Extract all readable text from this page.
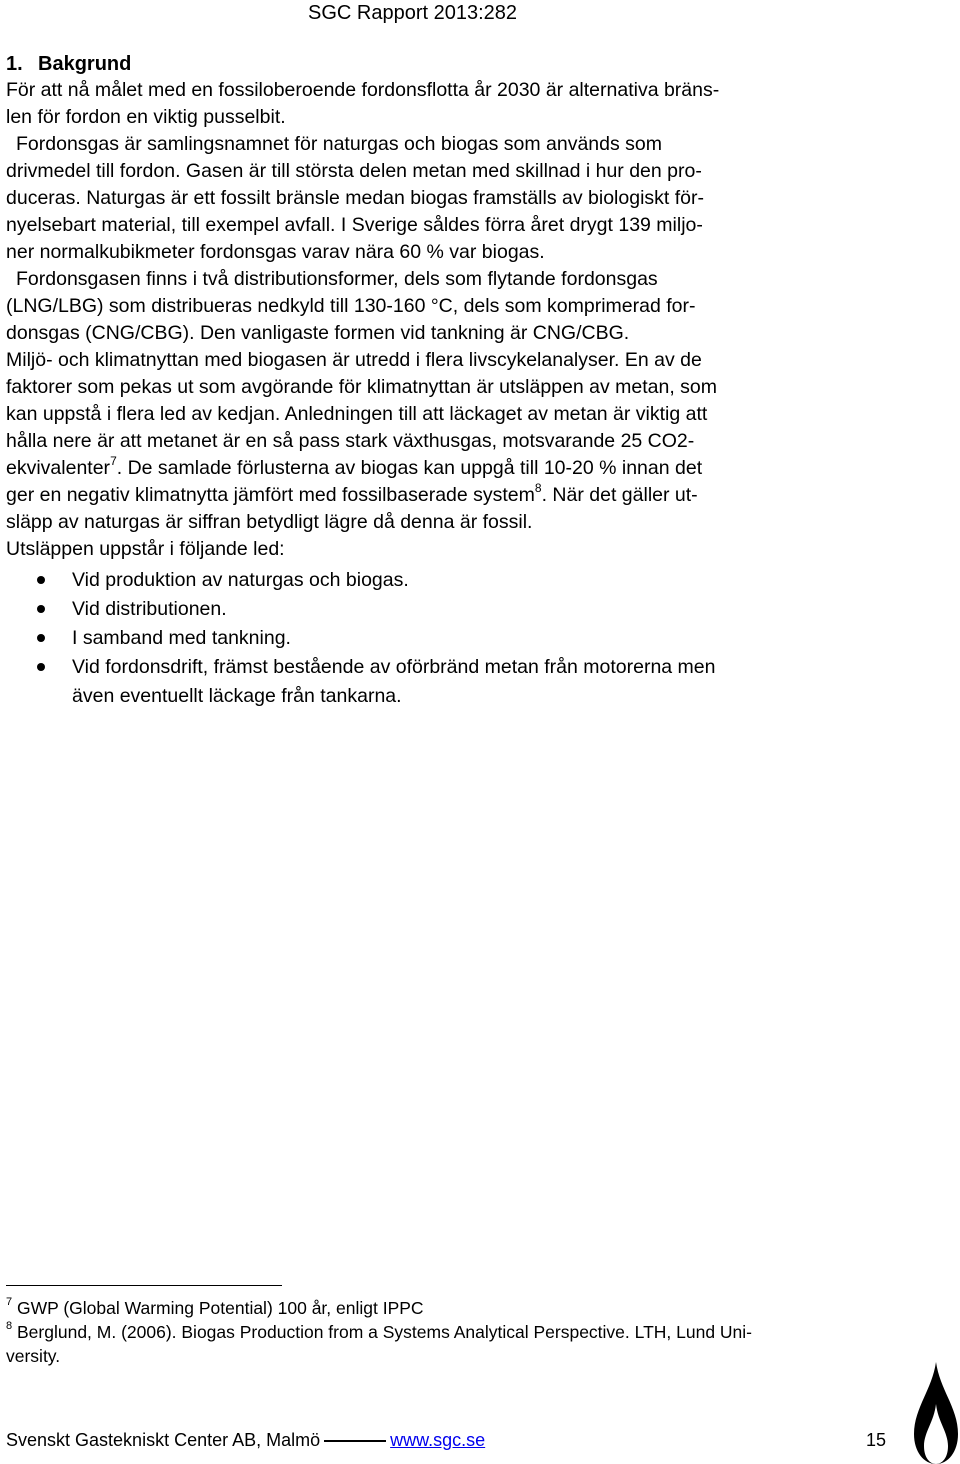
SGC Rapport 2013:282
1. Bakgrund
För att nå målet med en fossiloberoende fordonsflotta år 2030 är alternativa bräns-
len för fordon en viktig pusselbit.
Fordonsgas är samlingsnamnet för naturgas och biogas som används som
drivmedel till fordon. Gasen är till största delen metan med skillnad i hur den pro-
duceras. Naturgas är ett fossilt bränsle medan biogas framställs av biologiskt för-
nyelsebart material, till exempel avfall. I Sverige såldes förra året drygt 139 miljo-
ner normalkubikmeter fordonsgas varav nära 60 % var biogas.
Fordonsgasen finns i två distributionsformer, dels som flytande fordonsgas
(LNG/LBG) som distribueras nedkyld till 130-160 °C, dels som komprimerad for-
donsgas (CNG/CBG). Den vanligaste formen vid tankning är CNG/CBG.
Miljö- och klimatnyttan med biogasen är utredd i flera livscykelanalyser. En av de
faktorer som pekas ut som avgörande för klimatnyttan är utsläppen av metan, som
kan uppstå i flera led av kedjan. Anledningen till att läckaget av metan är viktig att
hålla nere är att metanet är en så pass stark växthusgas, motsvarande 25 CO2-
ekvivalenter$^7$. De samlade förlusterna av biogas kan uppgå till 10-20 % innan det
ger en negativ klimatnytta jämfört med fossilbaserade system$^8$. När det gäller ut-
släpp av naturgas är siffran betydligt lägre då denna är fossil.
Utsläppen uppstår i följande led:
Vid produktion av naturgas och biogas.
Vid distributionen.
I samband med tankning.
Vid fordonsdrift, främst bestående av oförbränd metan från motorerna men
även eventuellt läckage från tankarna.
$^7$ GWP (Global Warming Potential) 100 år, enligt IPPC
$^8$ Berglund, M. (2006). Biogas Production from a Systems Analytical Perspective. LTH, Lund Uni-
versity.
Svenskt Gastekniskt Center AB, Malmö	www.sgc.se	15
